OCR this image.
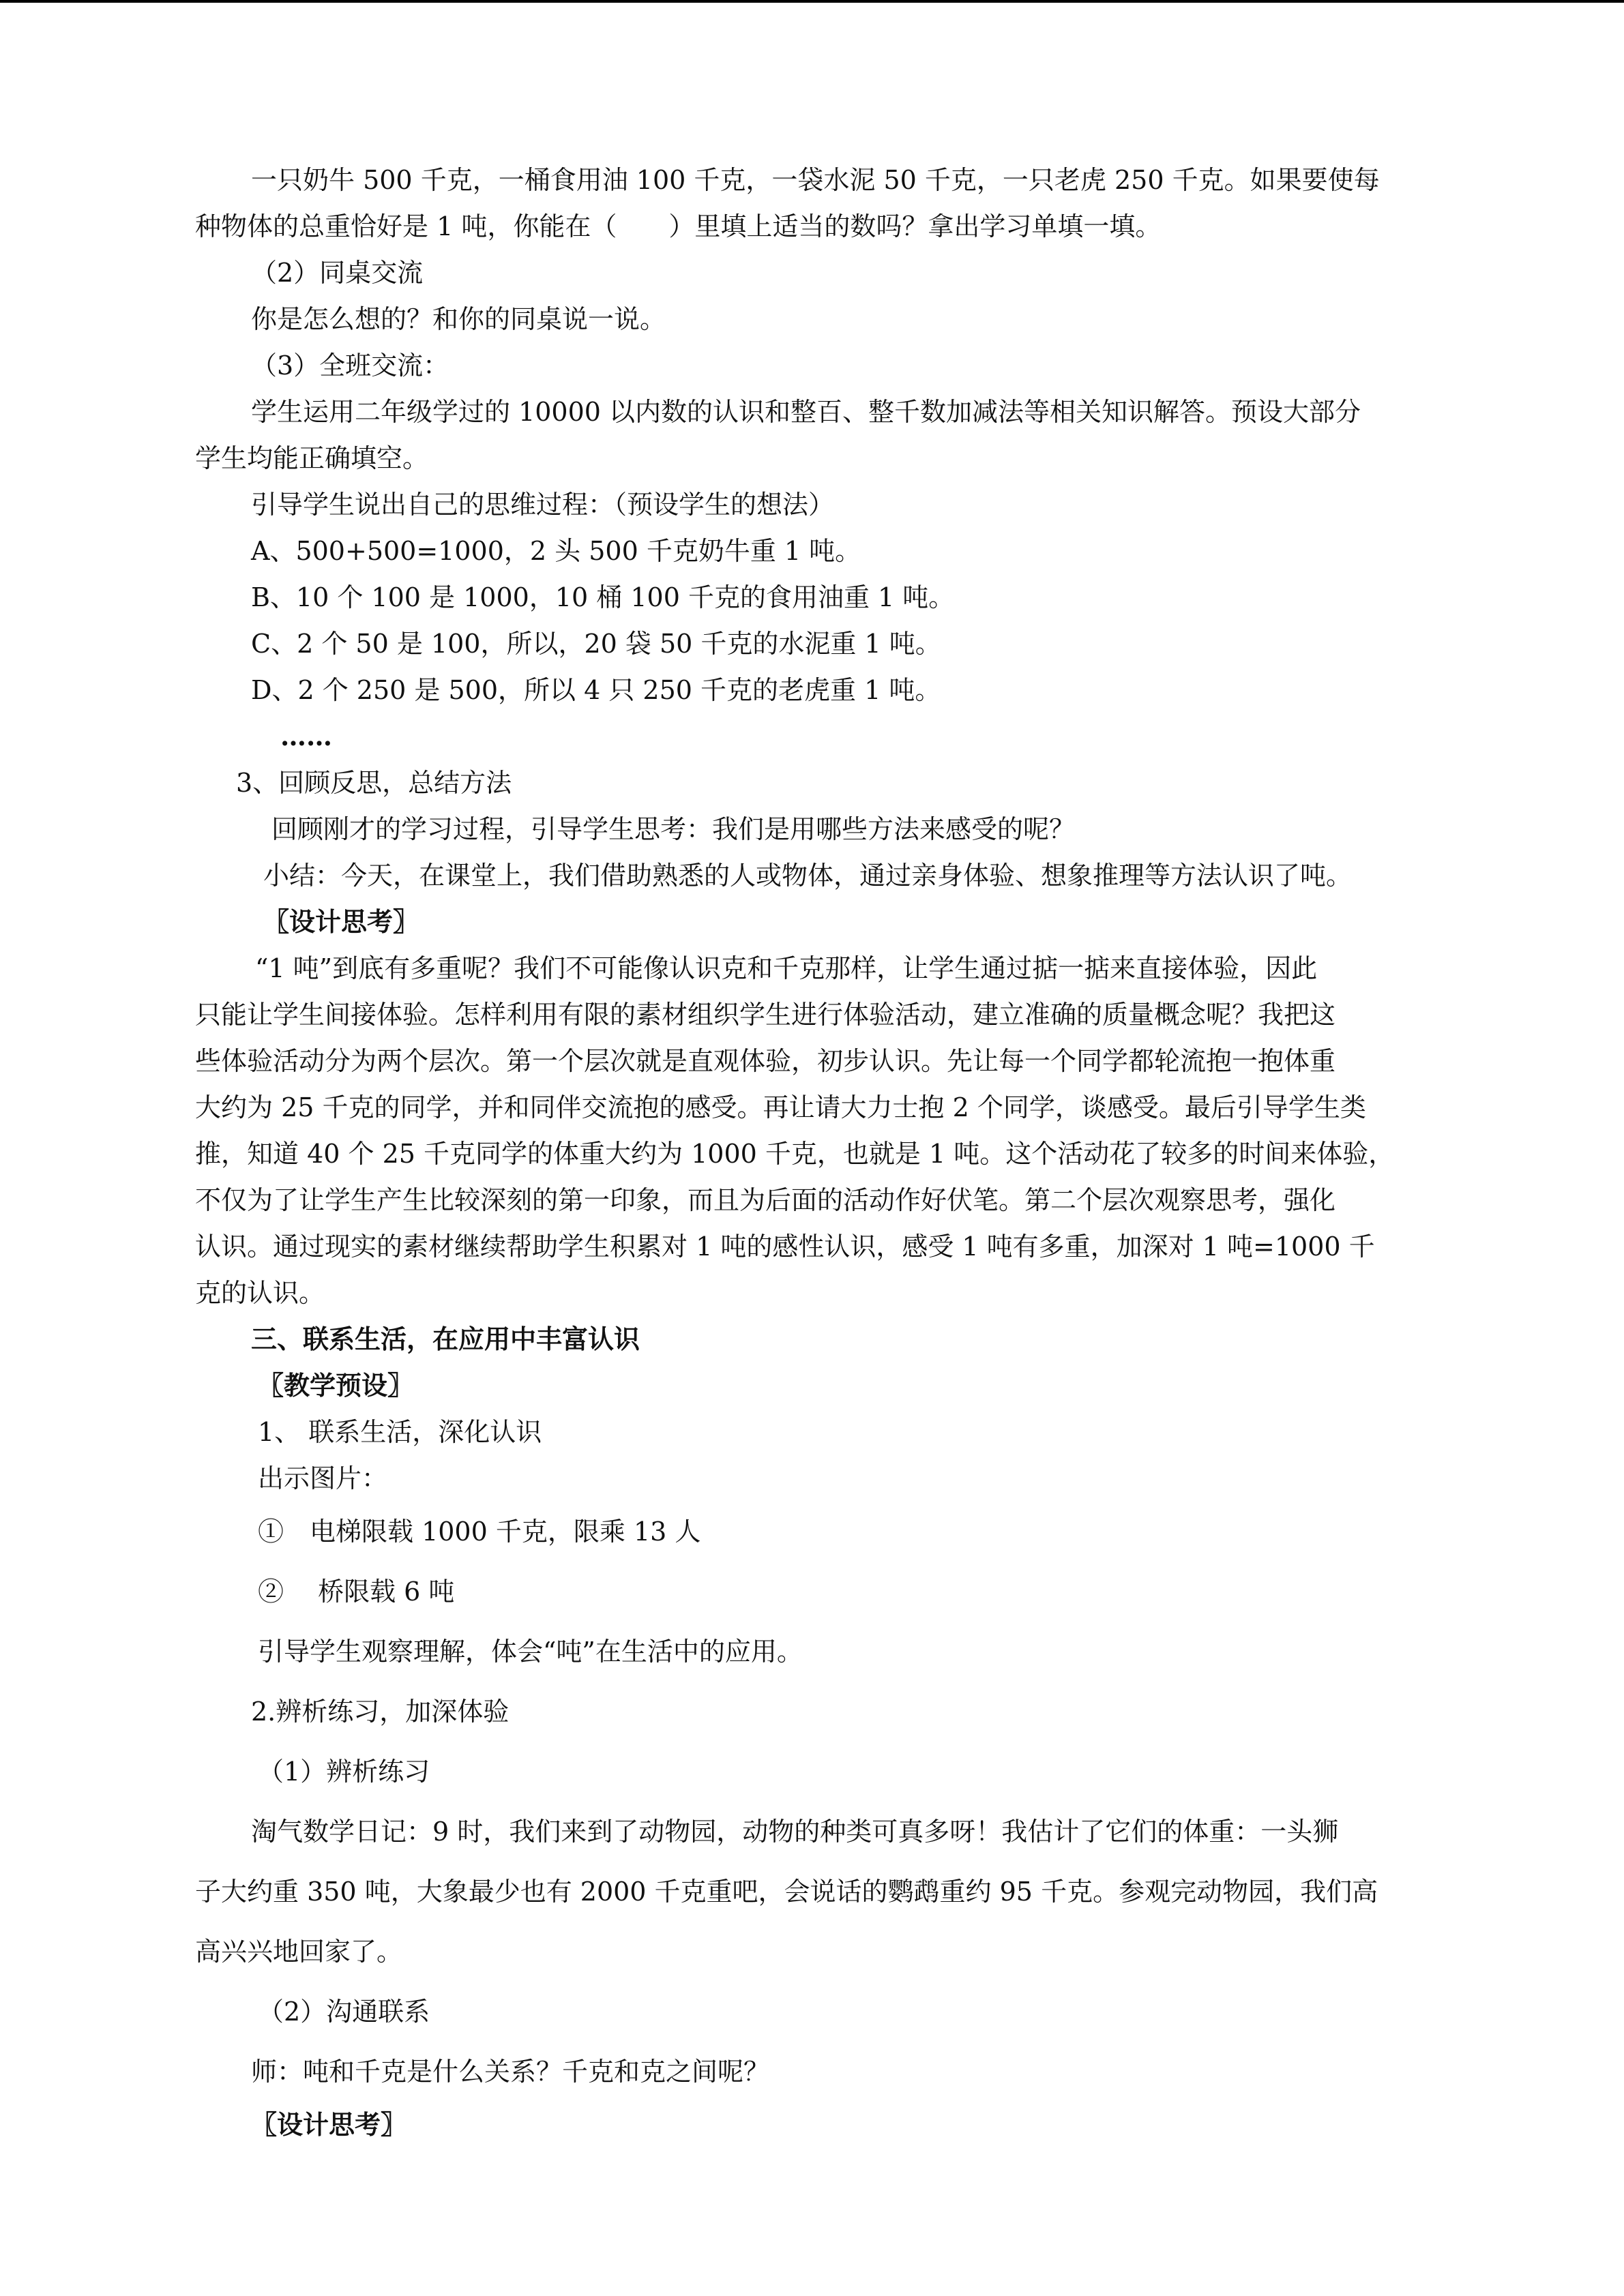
一只奶牛 500 千克，一桶食用油 100 千克，一袋水泥 50 千克，一只老虎 250 千克。如果要使每

种物体的总重恰好是 1 吨，你能在（　　）里填上适当的数吗？拿出学习单填一填。

（2）同桌交流

你是怎么想的？和你的同桌说一说。

（3）全班交流：

学生运用二年级学过的 10000 以内数的认识和整百、整千数加减法等相关知识解答。预设大部分

学生均能正确填空。

引导学生说出自己的思维过程：（预设学生的想法）

A、500+500=1000，2 头 500 千克奶牛重 1 吨。

B、10 个 100 是 1000，10 桶 100 千克的食用油重 1 吨。

C、2 个 50 是 100，所以，20 袋 50 千克的水泥重 1 吨。

D、2 个 250 是 500，所以 4 只 250 千克的老虎重 1 吨。

……

3、回顾反思，总结方法

回顾刚才的学习过程，引导学生思考：我们是用哪些方法来感受的呢？

小结：今天，在课堂上，我们借助熟悉的人或物体，通过亲身体验、想象推理等方法认识了吨。

〖设计思考〗

“1 吨”到底有多重呢？我们不可能像认识克和千克那样，让学生通过掂一掂来直接体验，因此

只能让学生间接体验。怎样利用有限的素材组织学生进行体验活动，建立准确的质量概念呢？我把这

些体验活动分为两个层次。第一个层次就是直观体验，初步认识。先让每一个同学都轮流抱一抱体重

大约为 25 千克的同学，并和同伴交流抱的感受。再让请大力士抱 2 个同学，谈感受。最后引导学生类

推，知道 40 个 25 千克同学的体重大约为 1000 千克，也就是 1 吨。这个活动花了较多的时间来体验，

不仅为了让学生产生比较深刻的第一印象，而且为后面的活动作好伏笔。第二个层次观察思考，强化

认识。通过现实的素材继续帮助学生积累对 1 吨的感性认识，感受 1 吨有多重，加深对 1 吨=1000 千

克的认识。

三、联系生活，在应用中丰富认识

〖教学预设〗

1、 联系生活，深化认识

出示图片：

①　电梯限载 1000 千克，限乘 13 人

②　 桥限载 6 吨

引导学生观察理解，体会“吨”在生活中的应用。

2.辨析练习，加深体验

（1）辨析练习

淘气数学日记：9 时，我们来到了动物园，动物的种类可真多呀！我估计了它们的体重：一头狮

子大约重 350 吨，大象最少也有 2000 千克重吧，会说话的鹦鹉重约 95 千克。参观完动物园，我们高

高兴兴地回家了。

（2）沟通联系

师：吨和千克是什么关系？千克和克之间呢？

〖设计思考〗
